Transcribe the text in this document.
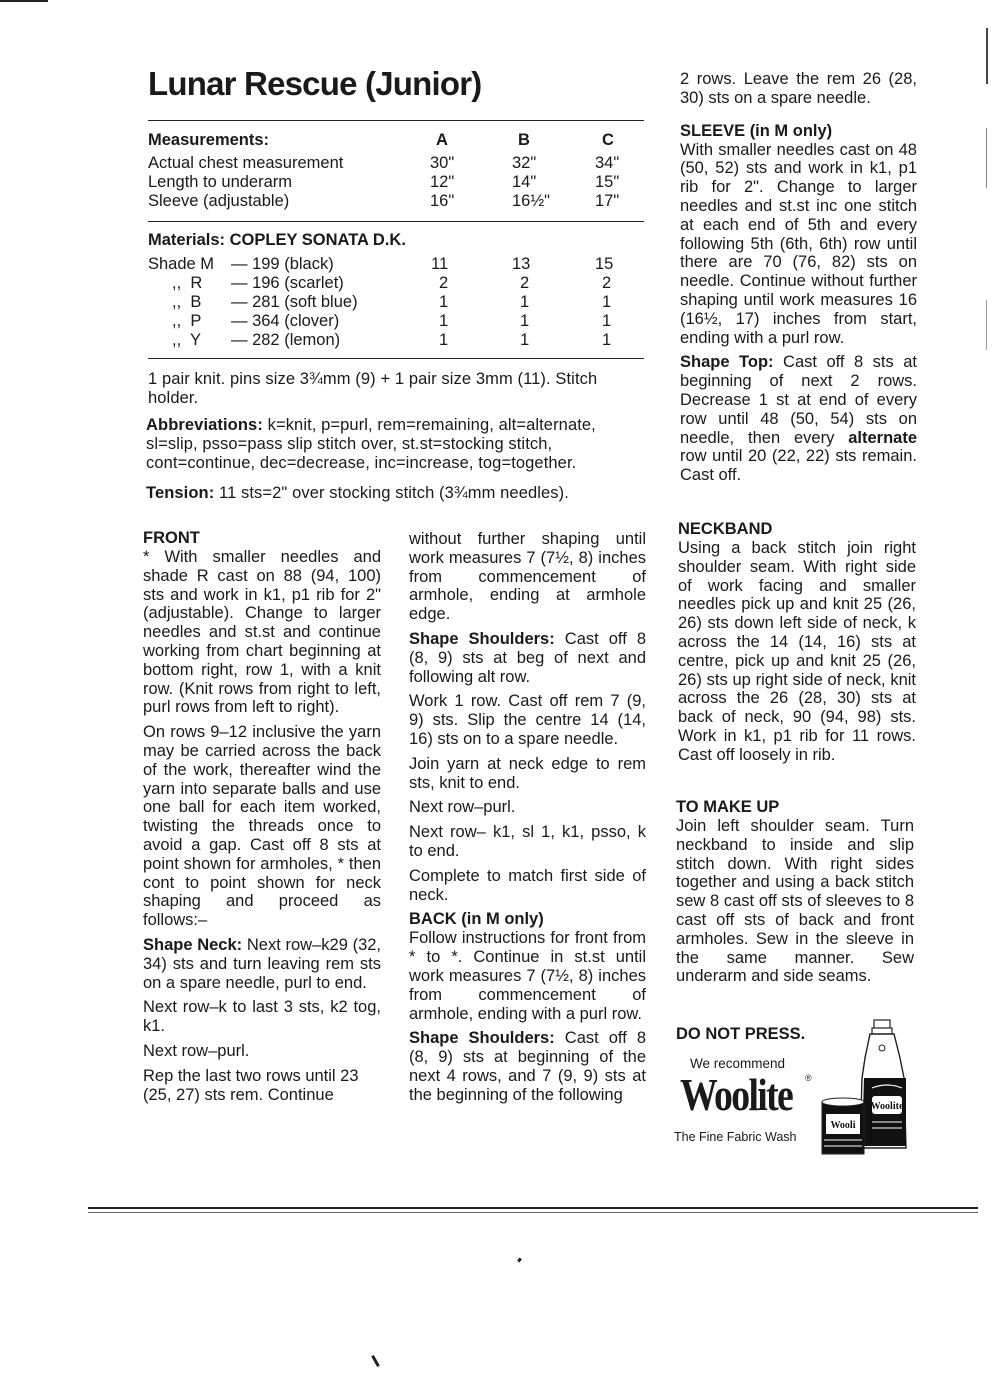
Lunar Rescue (Junior)
Measurements:	A	B	C
Actual chest measurement	30"	32"	34"
Length to underarm	12"	14"	15"
Sleeve (adjustable)	16"	16½"	17"
Materials: COPLEY SONATA D.K.
Shade M — 199 (black)	11	13	15
,,  R — 196 (scarlet)	2	2	2
,,  B — 281 (soft blue)	1	1	1
,,  P — 364 (clover)	1	1	1
,,  Y — 282 (lemon)	1	1	1
1 pair knit. pins size 3¾mm (9) + 1 pair size 3mm (11). Stitch holder.
Abbreviations: k=knit, p=purl, rem=remaining, alt=alternate, sl=slip, psso=pass slip stitch over, st.st=stocking stitch, cont=continue, dec=decrease, inc=increase, tog=together.
Tension: 11 sts=2" over stocking stitch (3¾mm needles).

FRONT

* With smaller needles and shade R cast on 88 (94, 100) sts and work in k1, p1 rib for 2" (adjustable). Change to larger needles and st.st and continue working from chart beginning at bottom right, row 1, with a knit row. (Knit rows from right to left, purl rows from left to right).

On rows 9–12 inclusive the yarn may be carried across the back of the work, thereafter wind the yarn into separate balls and use one ball for each item worked, twisting the threads once to avoid a gap. Cast off 8 sts at point shown for armholes, * then cont to point shown for neck shaping and proceed as follows:–

Shape Neck: Next row–k29 (32, 34) sts and turn leaving rem sts on a spare needle, purl to end.

Next row–k to last 3 sts, k2 tog, k1.

Next row–purl.

Rep the last two rows until 23 (25, 27) sts rem. Continue

without further shaping until work measures 7 (7½, 8) inches from commencement of armhole, ending at armhole edge.

Shape Shoulders: Cast off 8 (8, 9) sts at beg of next and following alt row.

Work 1 row. Cast off rem 7 (9, 9) sts. Slip the centre 14 (14, 16) sts on to a spare needle.

Join yarn at neck edge to rem sts, knit to end.

Next row–purl.

Next row– k1, sl 1, k1, psso, k to end.

Complete to match first side of neck.

BACK (in M only)

Follow instructions for front from * to *. Continue in st.st until work measures 7 (7½, 8) inches from commencement of armhole, ending with a purl row.

Shape Shoulders: Cast off 8 (8, 9) sts at beginning of the next 4 rows, and 7 (9, 9) sts at the beginning of the following

2 rows. Leave the rem 26 (28, 30) sts on a spare needle.

SLEEVE (in M only)

With smaller needles cast on 48 (50, 52) sts and work in k1, p1 rib for 2". Change to larger needles and st.st inc one stitch at each end of 5th and every following 5th (6th, 6th) row until there are 70 (76, 82) sts on needle. Continue without further shaping until work measures 16 (16½, 17) inches from start, ending with a purl row.

Shape Top: Cast off 8 sts at beginning of next 2 rows. Decrease 1 st at end of every row until 48 (50, 54) sts on needle, then every alternate row until 20 (22, 22) sts remain. Cast off.

NECKBAND

Using a back stitch join right shoulder seam. With right side of work facing and smaller needles pick up and knit 25 (26, 26) sts down left side of neck, k across the 14 (14, 16) sts at centre, pick up and knit 25 (26, 26) sts up right side of neck, knit across the 26 (28, 30) sts at back of neck, 90 (94, 98) sts. Work in k1, p1 rib for 11 rows. Cast off loosely in rib.

TO MAKE UP

Join left shoulder seam. Turn neckband to inside and slip stitch down. With right sides together and using a back stitch sew 8 cast off sts of sleeves to 8 cast off sts of back and front armholes. Sew in the sleeve in the same manner. Sew underarm and side seams.

DO NOT PRESS.
We recommend
Woolite ®
The Fine Fabric Wash
Woolite
Wooli
